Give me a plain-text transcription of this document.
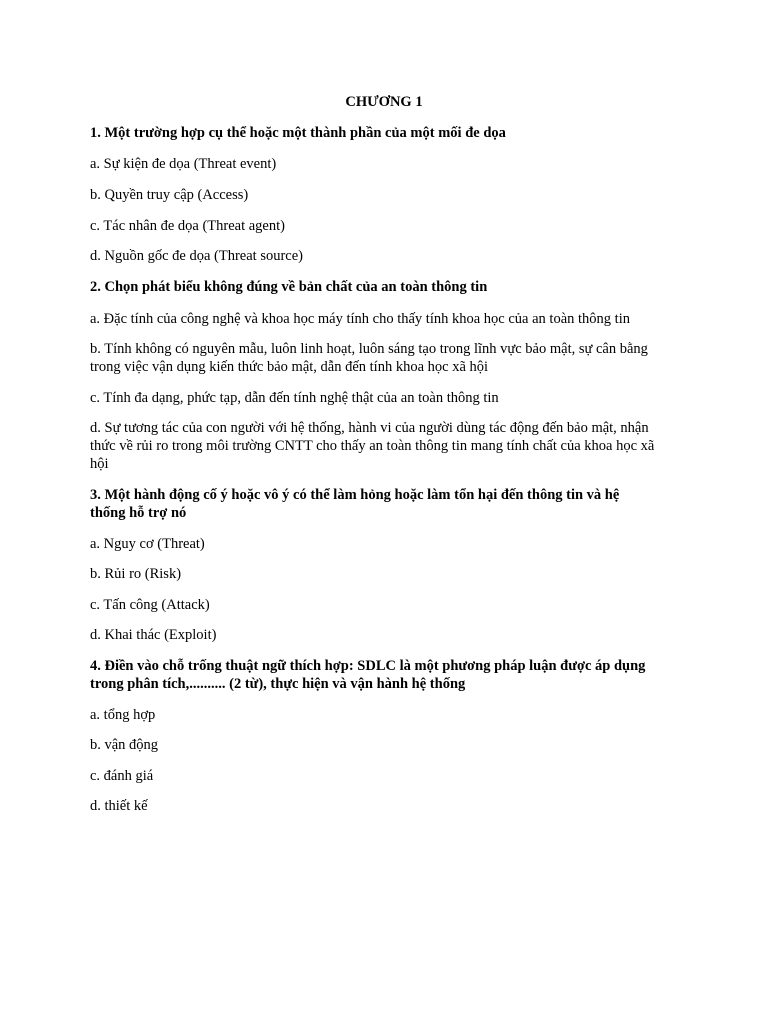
CHƯƠNG 1
1. Một trường hợp cụ thể hoặc một thành phần của một mối đe dọa
a. Sự kiện đe dọa (Threat event)
b. Quyền truy cập (Access)
c. Tác nhân đe dọa (Threat agent)
d. Nguồn gốc đe dọa (Threat source)
2. Chọn phát biểu không đúng về bản chất của an toàn thông tin
a. Đặc tính của công nghệ và khoa học máy tính cho thấy tính khoa học của an toàn thông tin
b. Tính không có nguyên mẫu, luôn linh hoạt, luôn sáng tạo trong lĩnh vực bảo mật, sự cân bằng
trong việc vận dụng kiến thức bảo mật, dẫn đến tính khoa học xã hội
c. Tính đa dạng, phức tạp, dẫn đến tính nghệ thật của an toàn thông tin
d. Sự tương tác của con người với hệ thống, hành vi của người dùng tác động đến bảo mật, nhận
thức về rủi ro trong môi trường CNTT cho thấy an toàn thông tin mang tính chất của khoa học xã
hội
3. Một hành động cố ý hoặc vô ý có thể làm hỏng hoặc làm tổn hại đến thông tin và hệ
thống hỗ trợ nó
a. Nguy cơ (Threat)
b. Rủi ro (Risk)
c. Tấn công (Attack)
d. Khai thác (Exploit)
4. Điền vào chỗ trống thuật ngữ thích hợp: SDLC là một phương pháp luận được áp dụng
trong phân tích,.......... (2 từ), thực hiện và vận hành hệ thống
a. tổng hợp
b. vận động
c. đánh giá
d. thiết kế
